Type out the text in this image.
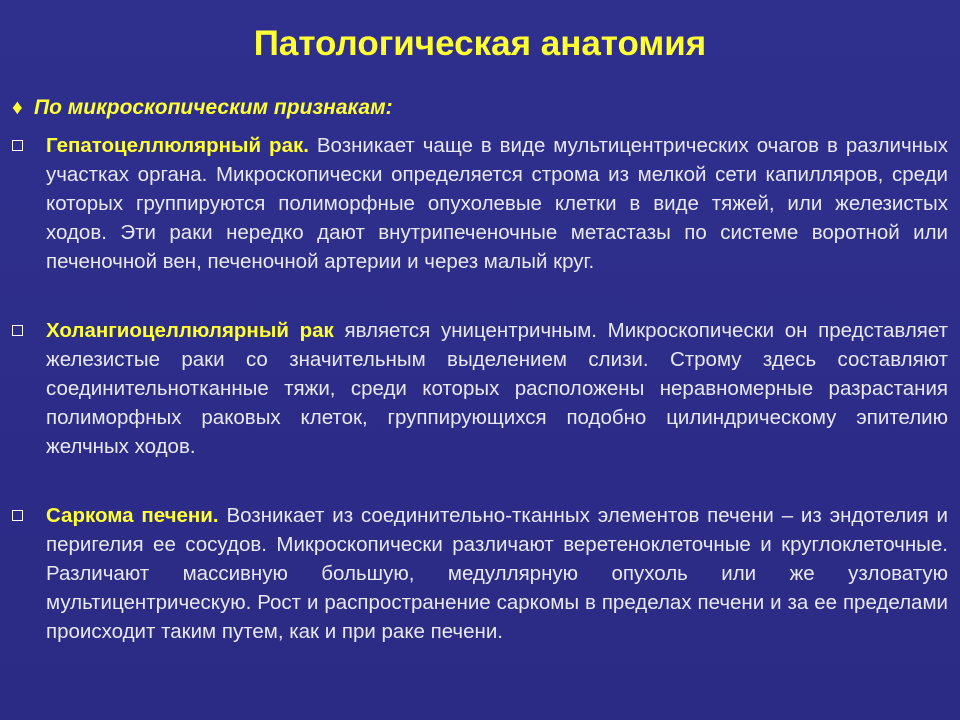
Патологическая анатомия
♦ По микроскопическим признакам:

Гепатоцеллюлярный рак. Возникает чаще в виде мультицентрических очагов в различных участках органа. Микроскопически определяется строма из мелкой сети капилляров, среди которых группируются полиморфные опухолевые клетки в виде тяжей, или железистых ходов. Эти раки нередко дают внутрипеченочные метастазы по системе воротной или печеночной вен, печеночной артерии и через малый круг.

Холангиоцеллюлярный рак является уницентричным. Микроскопически он представляет железистые раки со значительным выделением слизи. Строму здесь составляют соединительнотканные тяжи, среди которых расположены неравномерные разрастания полиморфных раковых клеток, группирующихся подобно цилиндрическому эпителию желчных ходов.

Саркома печени. Возникает из соединительно-тканных элементов печени – из эндотелия и перигелия ее сосудов. Микроскопически различают веретеноклеточные и круглоклеточные. Различают массивную большую, медуллярную опухоль или же узловатую мультицентрическую. Рост и распространение саркомы в пределах печени и за ее пределами происходит таким путем, как и при раке печени.
